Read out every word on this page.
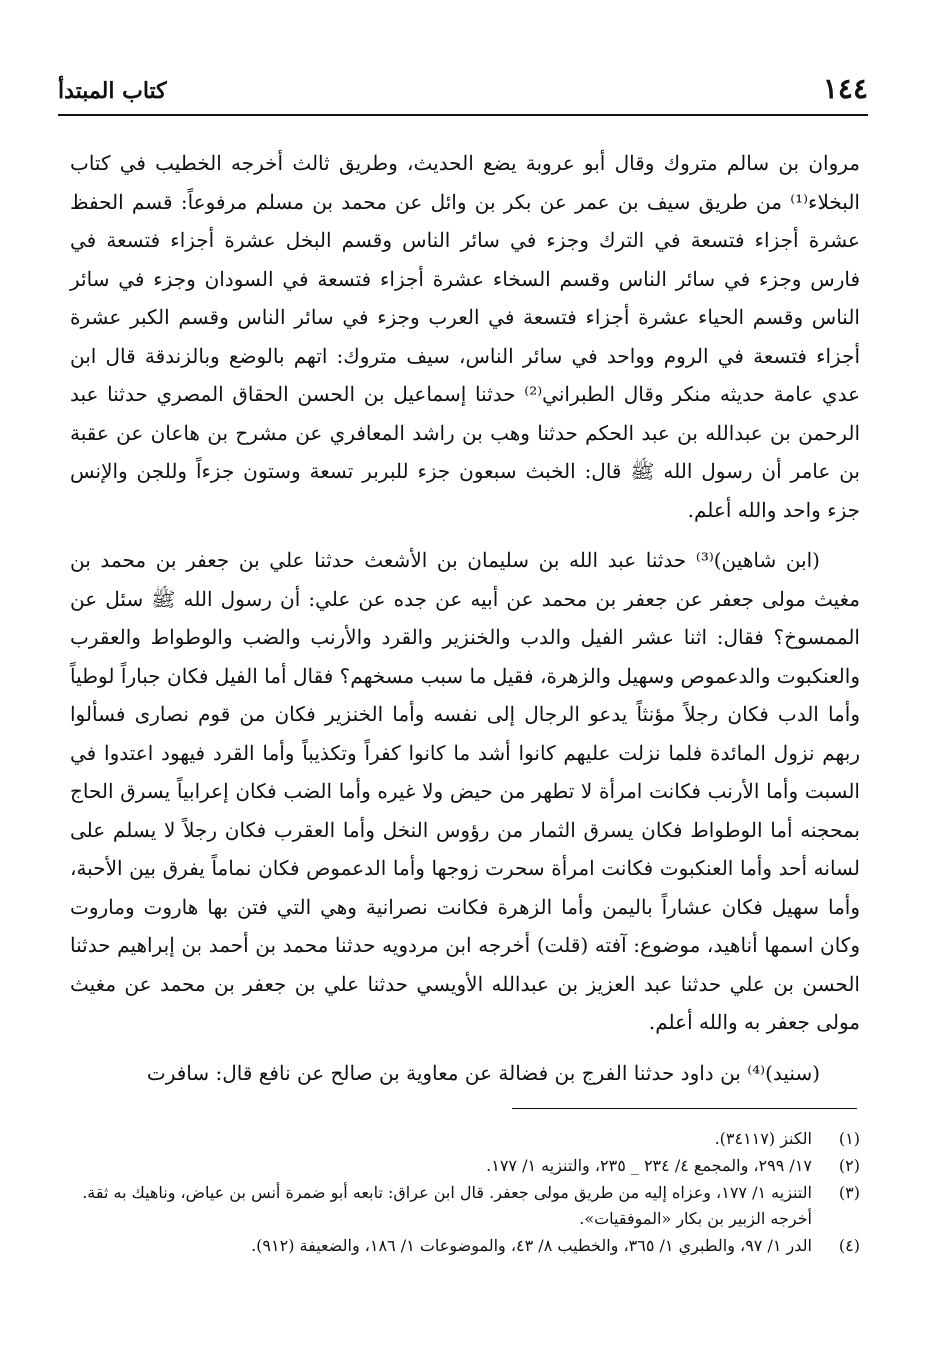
١٤٤
كتاب المبتدأ

مروان بن سالم متروك وقال أبو عروبة يضع الحديث، وطريق ثالث أخرجه الخطيب في كتاب البخلاء⁽¹⁾ من طريق سيف بن عمر عن بكر بن وائل عن محمد بن مسلم مرفوعاً: قسم الحفظ عشرة أجزاء فتسعة في الترك وجزء في سائر الناس وقسم البخل عشرة أجزاء فتسعة في فارس وجزء في سائر الناس وقسم السخاء عشرة أجزاء فتسعة في السودان وجزء في سائر الناس وقسم الحياء عشرة أجزاء فتسعة في العرب وجزء في سائر الناس وقسم الكبر عشرة أجزاء فتسعة في الروم وواحد في سائر الناس، سيف متروك: اتهم بالوضع وبالزندقة قال ابن عدي عامة حديثه منكر وقال الطبراني⁽²⁾ حدثنا إسماعيل بن الحسن الحقاق المصري حدثنا عبد الرحمن بن عبدالله بن عبد الحكم حدثنا وهب بن راشد المعافري عن مشرح بن هاعان عن عقبة بن عامر أن رسول الله ﷺ قال: الخبث سبعون جزء للبربر تسعة وستون جزءاً وللجن والإنس جزء واحد والله أعلم.

(ابن شاهين)⁽³⁾ حدثنا عبد الله بن سليمان بن الأشعث حدثنا علي بن جعفر بن محمد بن مغيث مولى جعفر عن جعفر بن محمد عن أبيه عن جده عن علي: أن رسول الله ﷺ سئل عن الممسوخ؟ فقال: اثنا عشر الفيل والدب والخنزير والقرد والأرنب والضب والوطواط والعقرب والعنكبوت والدعموص وسهيل والزهرة، فقيل ما سبب مسخهم؟ فقال أما الفيل فكان جباراً لوطياً وأما الدب فكان رجلاً مؤنثاً يدعو الرجال إلى نفسه وأما الخنزير فكان من قوم نصارى فسألوا ربهم نزول المائدة فلما نزلت عليهم كانوا أشد ما كانوا كفراً وتكذيباً وأما القرد فيهود اعتدوا في السبت وأما الأرنب فكانت امرأة لا تطهر من حيض ولا غيره وأما الضب فكان إعرابياً يسرق الحاج بمحجنه أما الوطواط فكان يسرق الثمار من رؤوس النخل وأما العقرب فكان رجلاً لا يسلم على لسانه أحد وأما العنكبوت فكانت امرأة سحرت زوجها وأما الدعموص فكان نماماً يفرق بين الأحبة، وأما سهيل فكان عشاراً باليمن وأما الزهرة فكانت نصرانية وهي التي فتن بها هاروت وماروت وكان اسمها أناهيد، موضوع: آفته (قلت) أخرجه ابن مردويه حدثنا محمد بن أحمد بن إبراهيم حدثنا الحسن بن علي حدثنا عبد العزيز بن عبدالله الأويسي حدثنا علي بن جعفر بن محمد عن مغيث مولى جعفر به والله أعلم.

(سنيد)⁽⁴⁾ بن داود حدثنا الفرج بن فضالة عن معاوية بن صالح عن نافع قال: سافرت

(١)
الكنز (٣٤١١٧).
(٢)
١٧/ ٢٩٩، والمجمع ٤/ ٢٣٤ _ ٢٣٥، والتنزيه ١/ ١٧٧.
(٣)
التنزيه ١/ ١٧٧، وعزاه إليه من طريق مولى جعفر. قال ابن عراق: تابعه أبو ضمرة أنس بن عياض، وناهيك به ثقة. أخرجه الزبير بن بكار «الموفقيات».
(٤)
الدر ١/ ٩٧، والطبري ١/ ٣٦٥، والخطيب ٨/ ٤٣، والموضوعات ١/ ١٨٦، والضعيفة (٩١٢).
